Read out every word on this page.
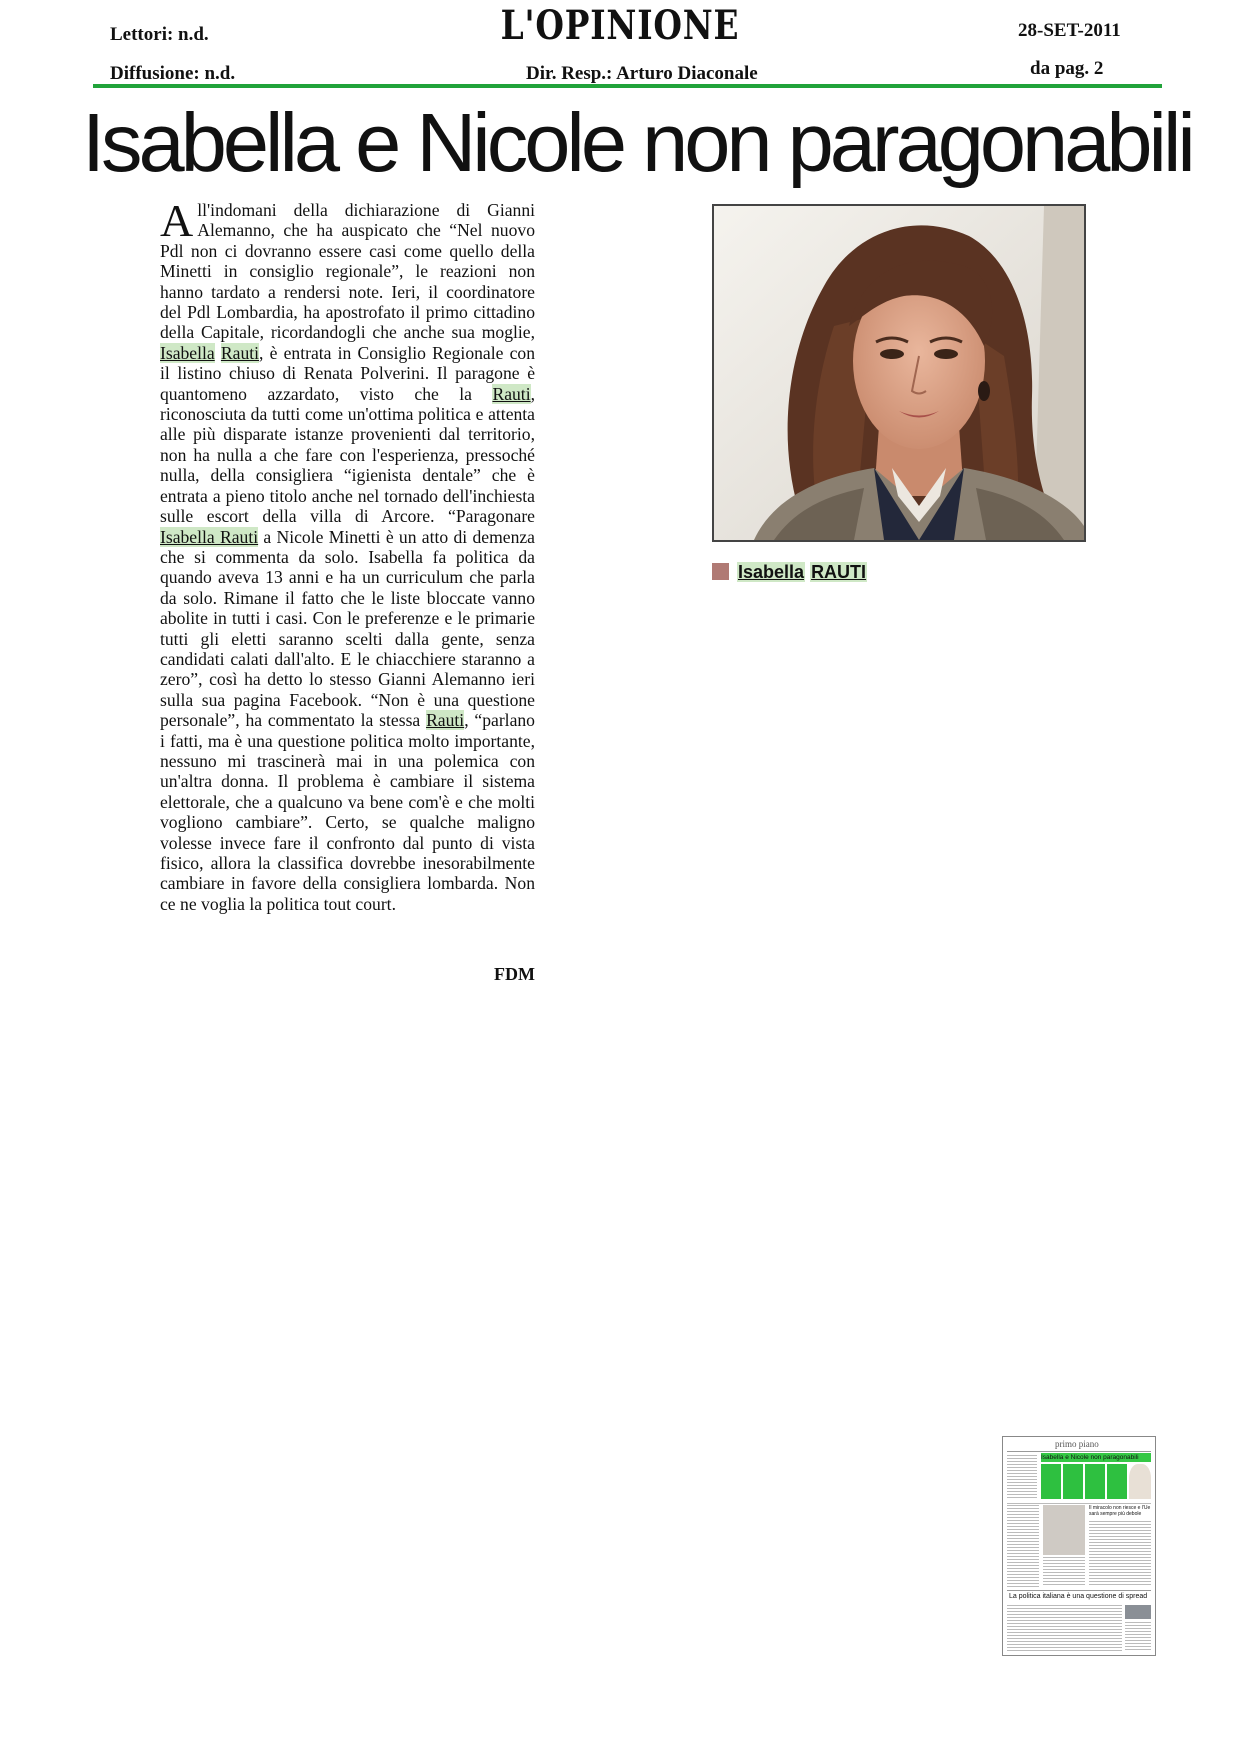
Lettori: n.d.
Diffusione: n.d.
L'OPINIONE
Dir. Resp.: Arturo Diaconale
28-SET-2011
da pag. 2
Isabella e Nicole non paragonabili
All'indomani della dichiarazione di Gianni Alemanno, che ha auspicato che “Nel nuovo Pdl non ci dovranno essere casi come quello della Minetti in consiglio regionale”, le reazioni non hanno tardato a rendersi note. Ieri, il coordinatore del Pdl Lombardia, ha apostrofato il primo cittadino della Capitale, ricordandogli che anche sua moglie, Isabella Rauti, è entrata in Consiglio Regionale con il listino chiuso di Renata Polverini. Il paragone è quantomeno azzardato, visto che la Rauti, riconosciuta da tutti come un'ottima politica e attenta alle più disparate istanze provenienti dal territorio, non ha nulla a che fare con l'esperienza, pressoché nulla, della consigliera “igienista dentale” che è entrata a pieno titolo anche nel tornado dell'inchiesta sulle escort della villa di Arcore. “Paragonare Isabella Rauti a Nicole Minetti è un atto di demenza che si commenta da solo. Isabella fa politica da quando aveva 13 anni e ha un curriculum che parla da solo. Rimane il fatto che le liste bloccate vanno abolite in tutti i casi. Con le preferenze e le primarie tutti gli eletti saranno scelti dalla gente, senza candidati calati dall'alto. E le chiacchiere staranno a zero”, così ha detto lo stesso Gianni Alemanno ieri sulla sua pagina Facebook. “Non è una questione personale”, ha commentato la stessa Rauti, “parlano i fatti, ma è una questione politica molto importante, nessuno mi trascinerà mai in una polemica con un'altra donna. Il problema è cambiare il sistema elettorale, che a qualcuno va bene com'è e che molti vogliono cambiare”. Certo, se qualche maligno volesse invece fare il confronto dal punto di vista fisico, allora la classifica dovrebbe inesorabilmente cambiare in favore della consigliera lombarda. Non ce ne voglia la politica tout court.
FDM
Isabella RAUTI
primo piano
Isabella e Nicole non paragonabili
Il miracolo non riesce e l'Ue sarà sempre più debole
La politica italiana è una questione di spread
